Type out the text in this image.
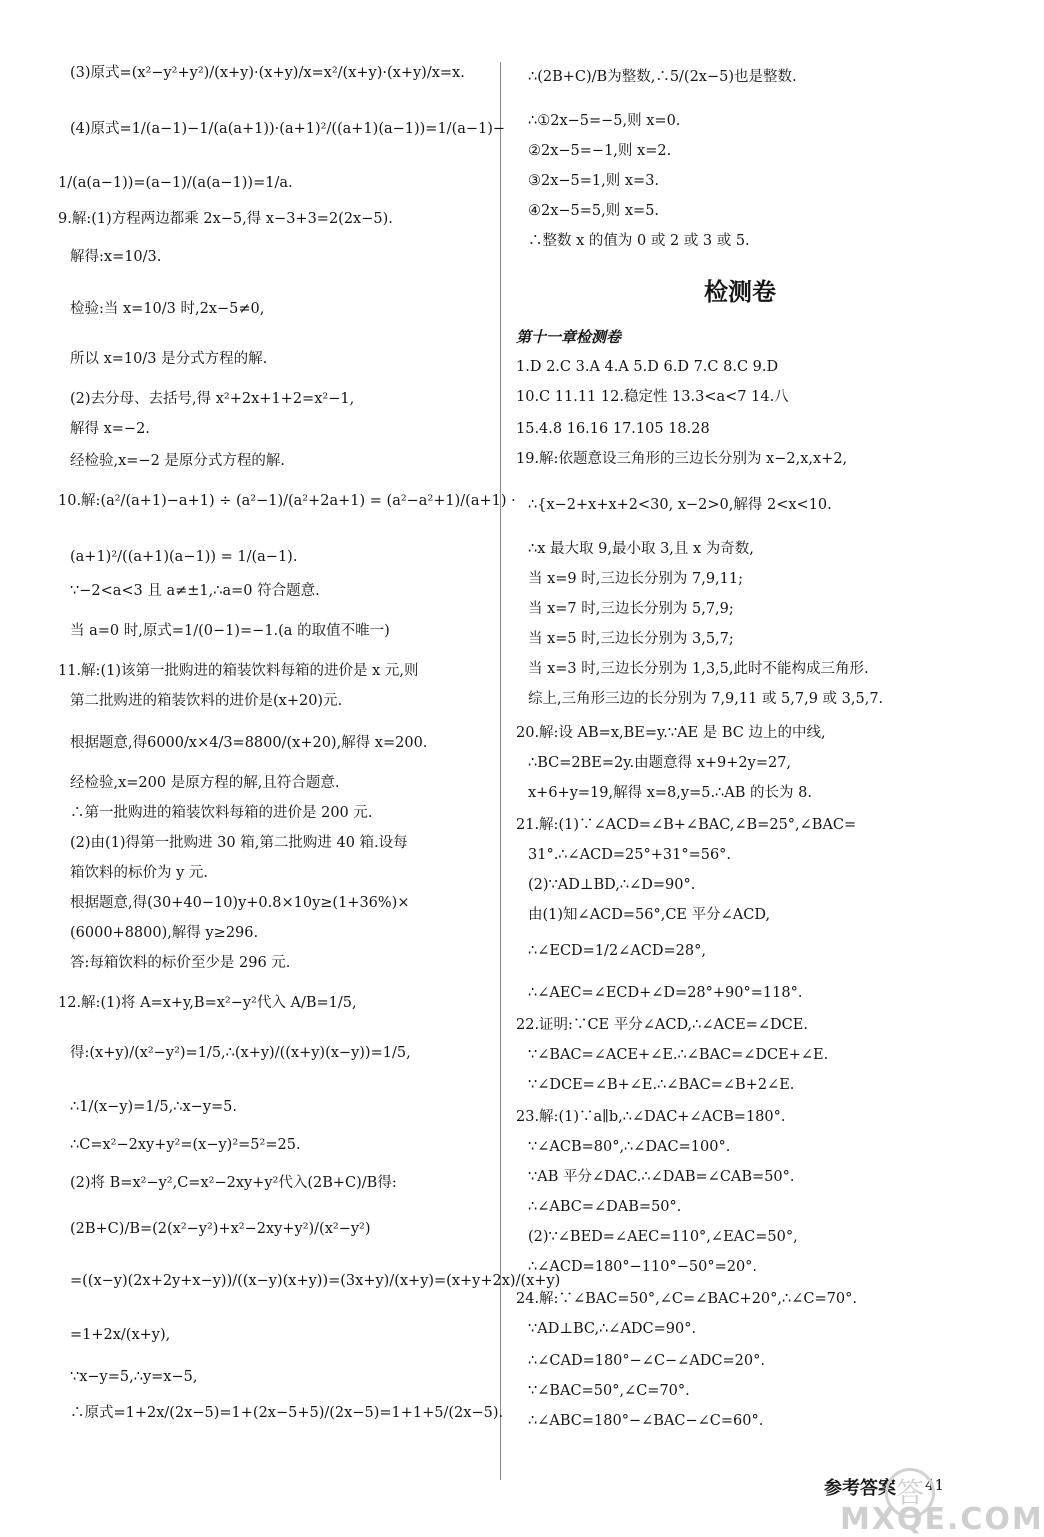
(3)原式=(x²−y²+y²)/(x+y)·(x+y)/x=x²/(x+y)·(x+y)/x=x.
(4)原式=1/(a−1)−1/(a(a+1))·(a+1)²/((a+1)(a−1))=1/(a−1)−
1/(a(a−1))=(a−1)/(a(a−1))=1/a.
9.解:(1)方程两边都乘 2x−5,得 x−3+3=2(2x−5).
解得:x=10/3.
检验:当 x=10/3 时,2x−5≠0,
所以 x=10/3 是分式方程的解.
(2)去分母、去括号,得 x²+2x+1+2=x²−1,
解得 x=−2.
经检验,x=−2 是原分式方程的解.
10.解:(a²/(a+1)−a+1) ÷ (a²−1)/(a²+2a+1) = (a²−a²+1)/(a+1) ·
(a+1)²/((a+1)(a−1)) = 1/(a−1).
∵−2<a<3 且 a≠±1,∴a=0 符合题意.
当 a=0 时,原式=1/(0−1)=−1.(a 的取值不唯一)
11.解:(1)该第一批购进的箱装饮料每箱的进价是 x 元,则
第二批购进的箱装饮料的进价是(x+20)元.
根据题意,得6000/x×4/3=8800/(x+20),解得 x=200.
经检验,x=200 是原方程的解,且符合题意.
∴第一批购进的箱装饮料每箱的进价是 200 元.
(2)由(1)得第一批购进 30 箱,第二批购进 40 箱.设每
箱饮料的标价为 y 元.
根据题意,得(30+40−10)y+0.8×10y≥(1+36%)×
(6000+8800),解得 y≥296.
答:每箱饮料的标价至少是 296 元.
12.解:(1)将 A=x+y,B=x²−y²代入 A/B=1/5,
得:(x+y)/(x²−y²)=1/5,∴(x+y)/((x+y)(x−y))=1/5,
∴1/(x−y)=1/5,∴x−y=5.
∴C=x²−2xy+y²=(x−y)²=5²=25.
(2)将 B=x²−y²,C=x²−2xy+y²代入(2B+C)/B得:
(2B+C)/B=(2(x²−y²)+x²−2xy+y²)/(x²−y²)
=((x−y)(2x+2y+x−y))/((x−y)(x+y))=(3x+y)/(x+y)=(x+y+2x)/(x+y)
=1+2x/(x+y),
∵x−y=5,∴y=x−5,
∴原式=1+2x/(2x−5)=1+(2x−5+5)/(2x−5)=1+1+5/(2x−5).
∴(2B+C)/B为整数,∴5/(2x−5)也是整数.
∴①2x−5=−5,则 x=0.
②2x−5=−1,则 x=2.
③2x−5=1,则 x=3.
④2x−5=5,则 x=5.
∴整数 x 的值为 0 或 2 或 3 或 5.
检测卷
第十一章检测卷
1.D 2.C 3.A 4.A 5.D 6.D 7.C 8.C 9.D
10.C 11.11 12.稳定性 13.3<a<7 14.八
15.4.8 16.16 17.105 18.28
19.解:依题意设三角形的三边长分别为 x−2,x,x+2,
∴{x−2+x+x+2<30, x−2>0,解得 2<x<10.
∴x 最大取 9,最小取 3,且 x 为奇数,
当 x=9 时,三边长分别为 7,9,11;
当 x=7 时,三边长分别为 5,7,9;
当 x=5 时,三边长分别为 3,5,7;
当 x=3 时,三边长分别为 1,3,5,此时不能构成三角形.
综上,三角形三边的长分别为 7,9,11 或 5,7,9 或 3,5,7.
20.解:设 AB=x,BE=y.∵AE 是 BC 边上的中线,
∴BC=2BE=2y.由题意得 x+9+2y=27,
x+6+y=19,解得 x=8,y=5.∴AB 的长为 8.
21.解:(1)∵∠ACD=∠B+∠BAC,∠B=25°,∠BAC=
31°.∴∠ACD=25°+31°=56°.
(2)∵AD⊥BD,∴∠D=90°.
由(1)知∠ACD=56°,CE 平分∠ACD,
∴∠ECD=1/2∠ACD=28°,
∴∠AEC=∠ECD+∠D=28°+90°=118°.
22.证明:∵CE 平分∠ACD,∴∠ACE=∠DCE.
∵∠BAC=∠ACE+∠E.∴∠BAC=∠DCE+∠E.
∵∠DCE=∠B+∠E.∴∠BAC=∠B+2∠E.
23.解:(1)∵a∥b,∴∠DAC+∠ACB=180°.
∵∠ACB=80°,∴∠DAC=100°.
∵AB 平分∠DAC.∴∠DAB=∠CAB=50°.
∴∠ABC=∠DAB=50°.
(2)∵∠BED=∠AEC=110°,∠EAC=50°,
∴∠ACD=180°−110°−50°=20°.
24.解:∵∠BAC=50°,∠C=∠BAC+20°,∴∠C=70°.
∵AD⊥BC,∴∠ADC=90°.
∴∠CAD=180°−∠C−∠ADC=20°.
∵∠BAC=50°,∠C=70°.
∴∠ABC=180°−∠BAC−∠C=60°.
参考答案 41
答
MXQE.COM
